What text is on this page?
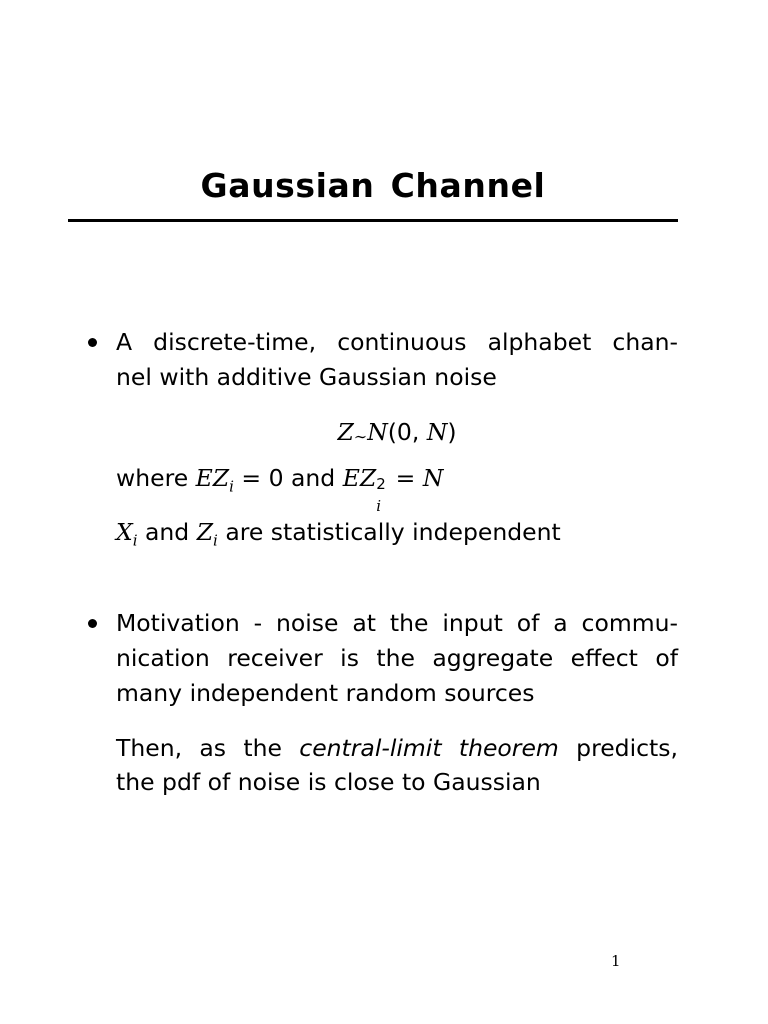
Gaussian Channel
A discrete-time, continuous alphabet chan-
nel with additive Gaussian noise
Z∼N(0, N)
where $EZ_i = 0$ and EZ 2
i
= N
$X_i$ and $Z_i$ are statistically independent
Motivation - noise at the input of a commu-
nication receiver is the aggregate effect of
many independent random sources
Then, as the central-limit theorem predicts,
the pdf of noise is close to Gaussian
1
